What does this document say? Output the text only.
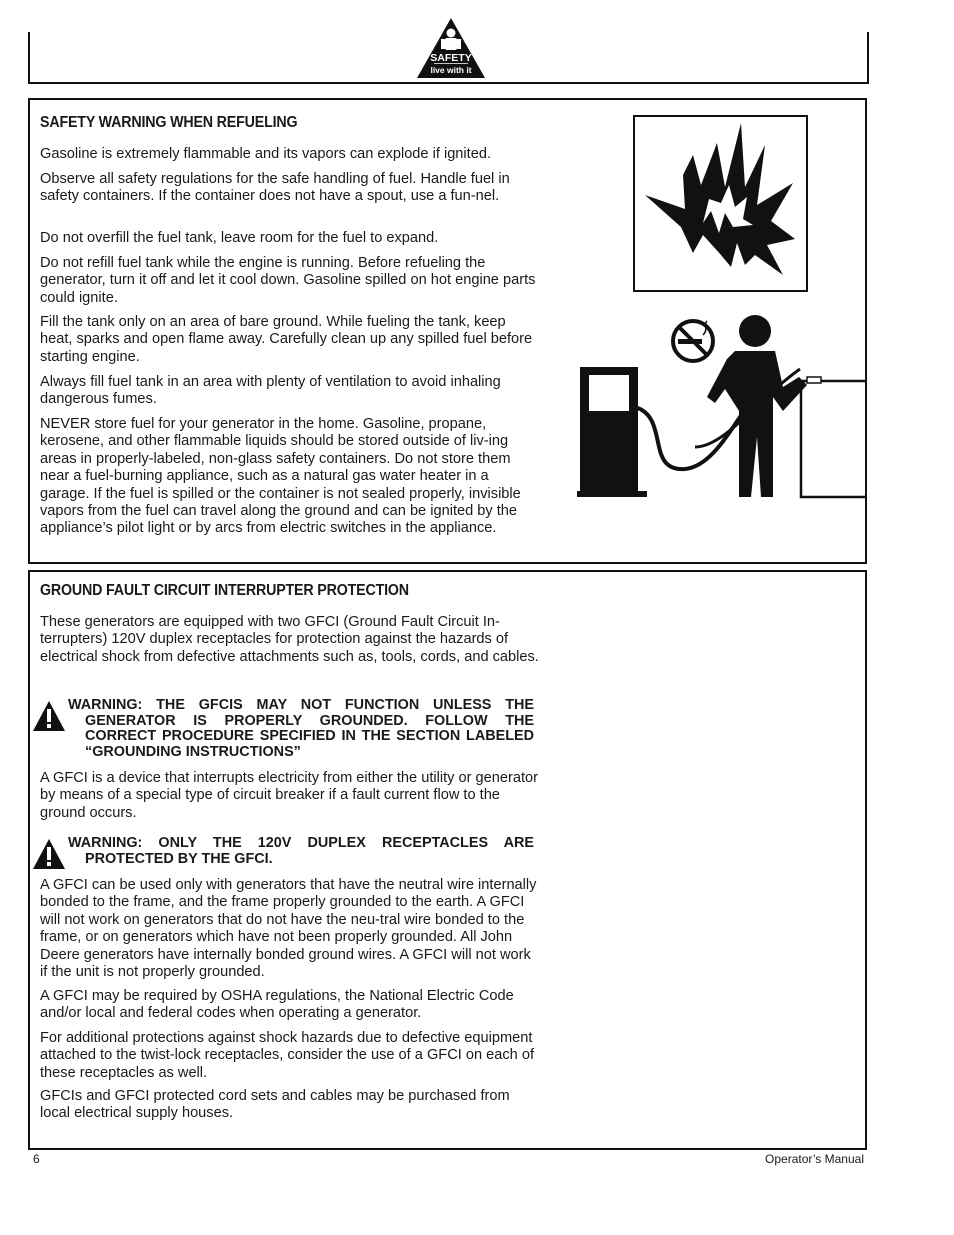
SAFETY
live with it
SAFETY WARNING WHEN REFUELING

Gasoline is extremely flammable and its vapors can explode if ignited.

Observe all safety regulations for the safe handling of fuel. Handle fuel in safety containers. If the container does not have a spout, use a fun-nel.

Do not overfill the fuel tank, leave room for the fuel to expand.

Do not refill fuel tank while the engine is running. Before refueling the generator, turn it off and let it cool down. Gasoline spilled on hot engine parts could ignite.

Fill the tank only on an area of bare ground. While fueling the tank, keep heat, sparks and open flame away. Carefully clean up any spilled fuel before starting engine.

Always fill fuel tank in an area with plenty of ventilation to avoid inhaling dangerous fumes.

NEVER store fuel for your generator in the home. Gasoline, propane, kerosene, and other flammable liquids should be stored outside of liv-ing areas in properly-labeled, non-glass safety containers. Do not store them near a fuel-burning appliance, such as a natural gas water heater in a garage. If the fuel is spilled or the container is not sealed properly, invisible vapors from the fuel can travel along the ground and can be ignited by the appliance’s pilot light or by arcs from electric switches in the appliance.

GROUND FAULT CIRCUIT INTERRUPTER PROTECTION

These generators are equipped with two GFCI (Ground Fault Circuit In-terrupters) 120V duplex receptacles for protection against the hazards of electrical shock from defective attachments such as, tools, cords, and cables.

WARNING: THE GFCIS MAY NOT FUNCTION UNLESS THE GENERATOR IS PROPERLY GROUNDED. FOLLOW THE CORRECT PROCEDURE SPECIFIED IN THE SECTION LABELED “GROUNDING INSTRUCTIONS”

A GFCI is a device that interrupts electricity from either the utility or generator by means of a special type of circuit breaker if a fault current flow to the ground occurs.

WARNING: ONLY THE 120V DUPLEX RECEPTACLES ARE PROTECTED BY THE GFCI.

A GFCI can be used only with generators that have the neutral wire internally bonded to the frame, and the frame properly grounded to the earth. A GFCI will not work on generators that do not have the neu-tral wire bonded to the frame, or on generators which have not been properly grounded. All John Deere generators have internally bonded ground wires. A GFCI will not work if the unit is not properly grounded.

A GFCI may be required by OSHA regulations, the National Electric Code and/or local and federal codes when operating a generator.

For additional protections against shock hazards due to defective equipment attached to the twist-lock receptacles, consider the use of a GFCI on each of these receptacles as well.

GFCIs and GFCI protected cord sets and cables may be purchased from local electrical supply houses.

6	Operator’s Manual
